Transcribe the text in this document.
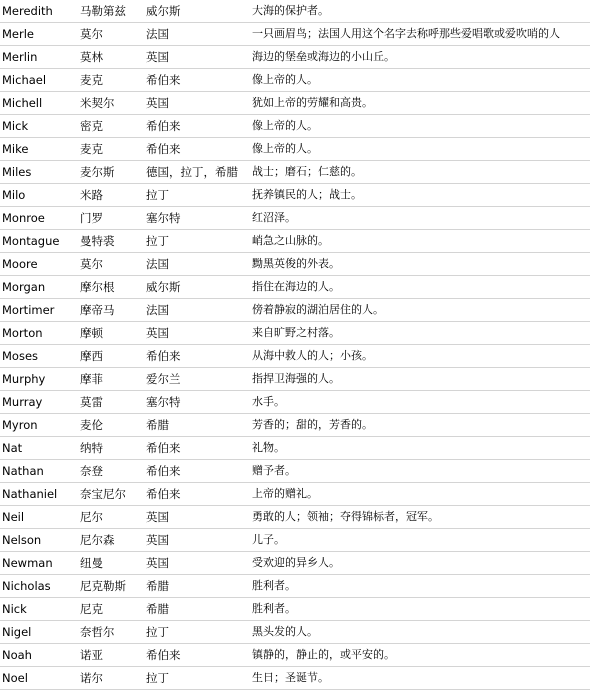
Meredith	马勒第兹	威尔斯	大海的保护者。
Merle	莫尔	法国	一只画眉鸟；法国人用这个名字去称呼那些爱唱歌或爱吹哨的人
Merlin	莫林	英国	海边的堡垒或海边的小山丘。
Michael	麦克	希伯来	像上帝的人。
Michell	米契尔	英国	犹如上帝的劳耀和高贵。
Mick	密克	希伯来	像上帝的人。
Mike	麦克	希伯来	像上帝的人。
Miles	麦尔斯	德国，拉丁，希腊	战士；磨石；仁慈的。
Milo	米路	拉丁	抚养镇民的人；战士。
Monroe	门罗	塞尔特	红沼泽。
Montague	曼特裘	拉丁	峭急之山脉的。
Moore	莫尔	法国	黝黑英俊的外表。
Morgan	摩尔根	威尔斯	指住在海边的人。
Mortimer	摩帝马	法国	傍着静寂的湖泊居住的人。
Morton	摩顿	英国	来自旷野之村落。
Moses	摩西	希伯来	从海中救人的人；小孩。
Murphy	摩菲	爱尔兰	指捍卫海强的人。
Murray	莫雷	塞尔特	水手。
Myron	麦伦	希腊	芳香的；甜的，芳香的。
Nat	纳特	希伯来	礼物。
Nathan	奈登	希伯来	赠予者。
Nathaniel	奈宝尼尔	希伯来	上帝的赠礼。
Neil	尼尔	英国	勇敢的人；领袖；夺得锦标者，冠军。
Nelson	尼尔森	英国	儿子。
Newman	纽曼	英国	受欢迎的异乡人。
Nicholas	尼克勒斯	希腊	胜利者。
Nick	尼克	希腊	胜利者。
Nigel	奈哲尔	拉丁	黑头发的人。
Noah	诺亚	希伯来	镇静的，静止的，或平安的。
Noel	诺尔	拉丁	生日；圣诞节。
